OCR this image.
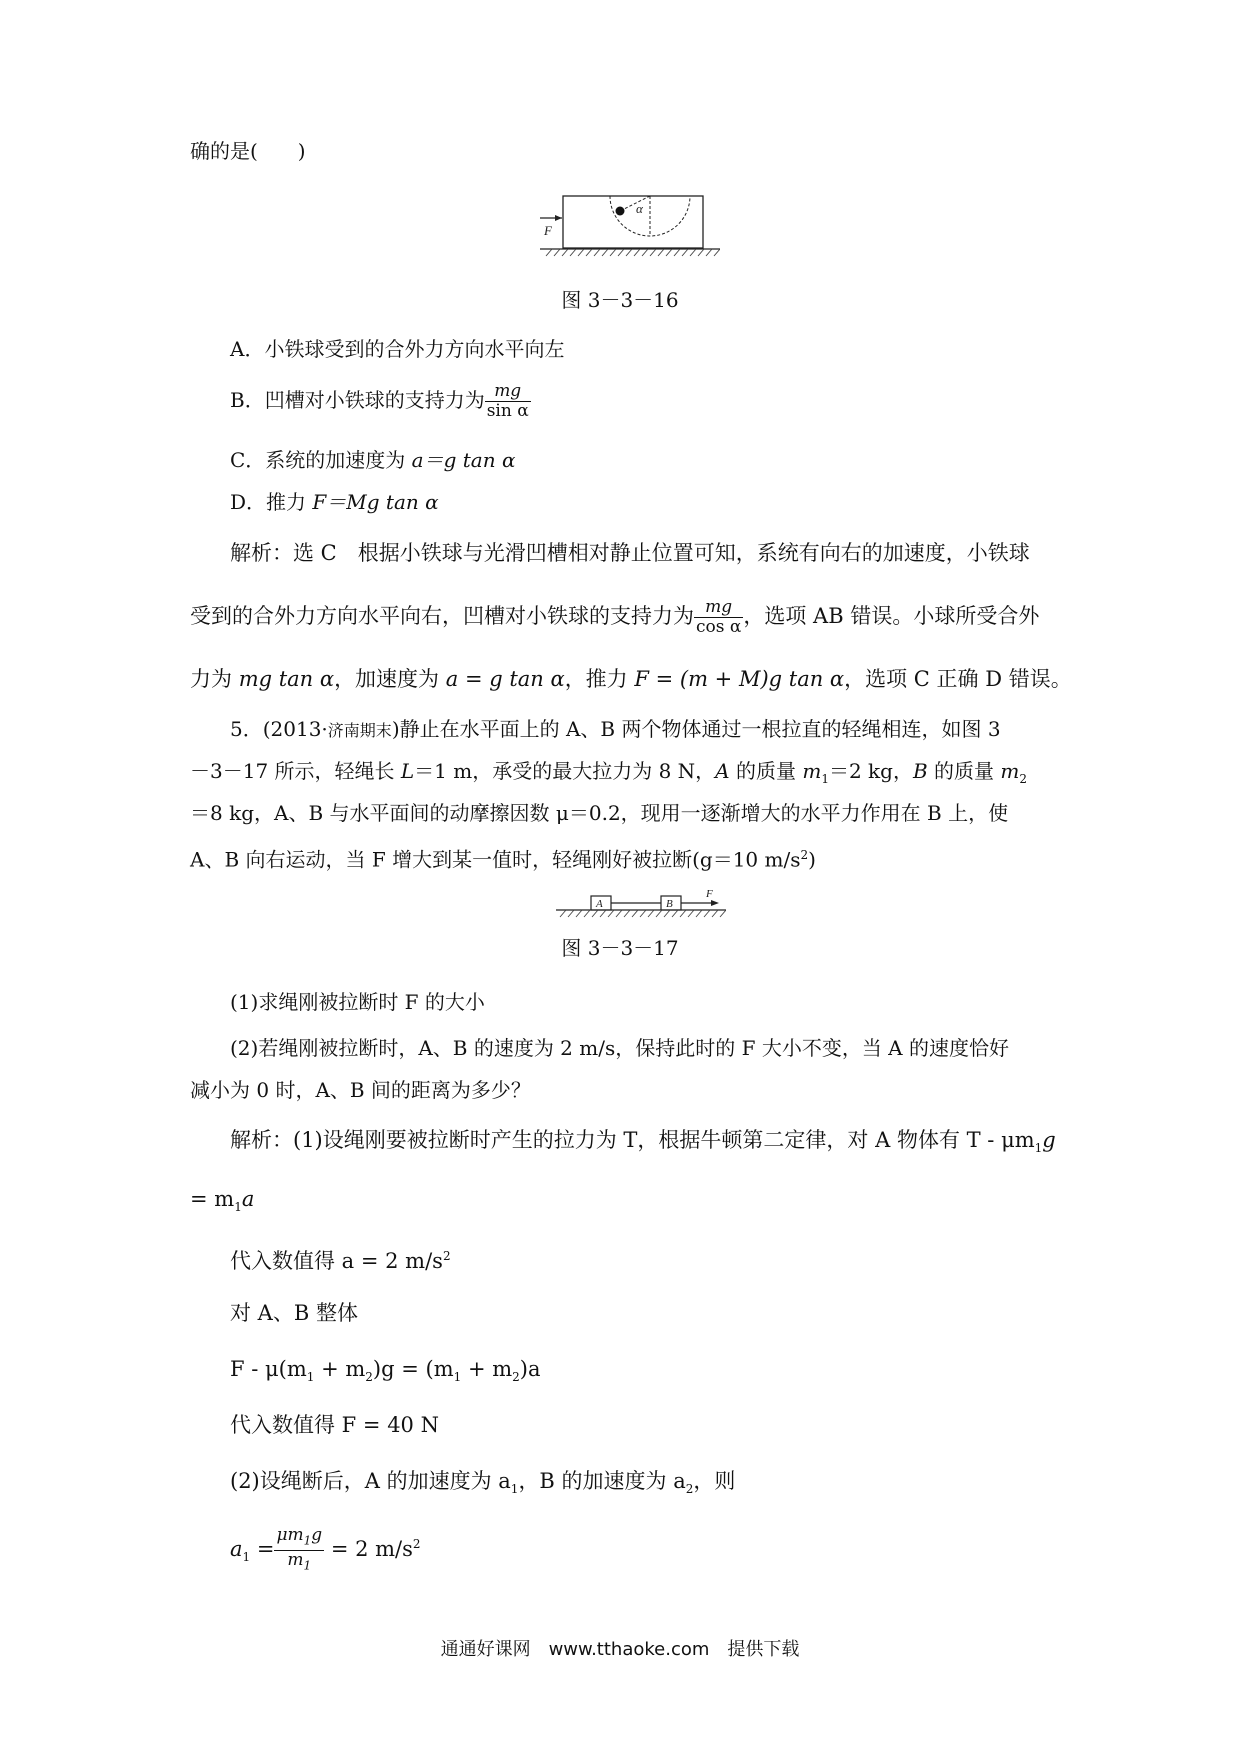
确的是(　　)
F
α
图 3－3－16
A．小铁球受到的合外力方向水平向左
B．凹槽对小铁球的支持力为 $\frac{mg}{\text{sin α}}$
C．系统的加速度为 a＝g tan α
D．推力 F＝Mg tan α
解析：选 C　根据小铁球与光滑凹槽相对静止位置可知，系统有向右的加速度，小铁球
受到的合外力方向水平向右，凹槽对小铁球的支持力为 $\frac{mg}{\text{cos α}}$ ，选项 AB 错误。小球所受合外
力为 mg tan α，加速度为 a = g tan α，推力 F = (m + M)g tan α，选项 C 正确 D 错误。
5．(2013·济南期末)静止在水平面上的 A、B 两个物体通过一根拉直的轻绳相连，如图 3
－3－17 所示，轻绳长 L＝1 m，承受的最大拉力为 8 N，A 的质量 $m_1=2$ kg，B 的质量 $m_2$
＝8 kg，A、B 与水平面间的动摩擦因数 μ＝0.2，现用一逐渐增大的水平力作用在 B 上，使
A、B 向右运动，当 F 增大到某一值时，轻绳刚好被拉断(g＝10 $m/s^2$)
A	B
F
图 3－3－17
(1)求绳刚被拉断时 F 的大小
(2)若绳刚被拉断时，A、B 的速度为 2 m/s，保持此时的 F 大小不变，当 A 的速度恰好
减小为 0 时，A、B 间的距离为多少？
解析：(1)设绳刚要被拉断时产生的拉力为 T，根据牛顿第二定律，对 A 物体有 T - $\mu m_1g$
= $m_1a$
代入数值得 a = 2 $m/s^2$
对 A、B 整体
$F - \mu(m_1 + m_2)g = (m_1 + m_2)a$
代入数值得 F = 40 N
(2)设绳断后，A 的加速度为 $a_1$，B 的加速度为 $a_2$，则
$a_1 = \frac{\mu m_1g}{m_1} = 2$ $m/s^2$
通通好课网　www.tthaoke.com　提供下载
